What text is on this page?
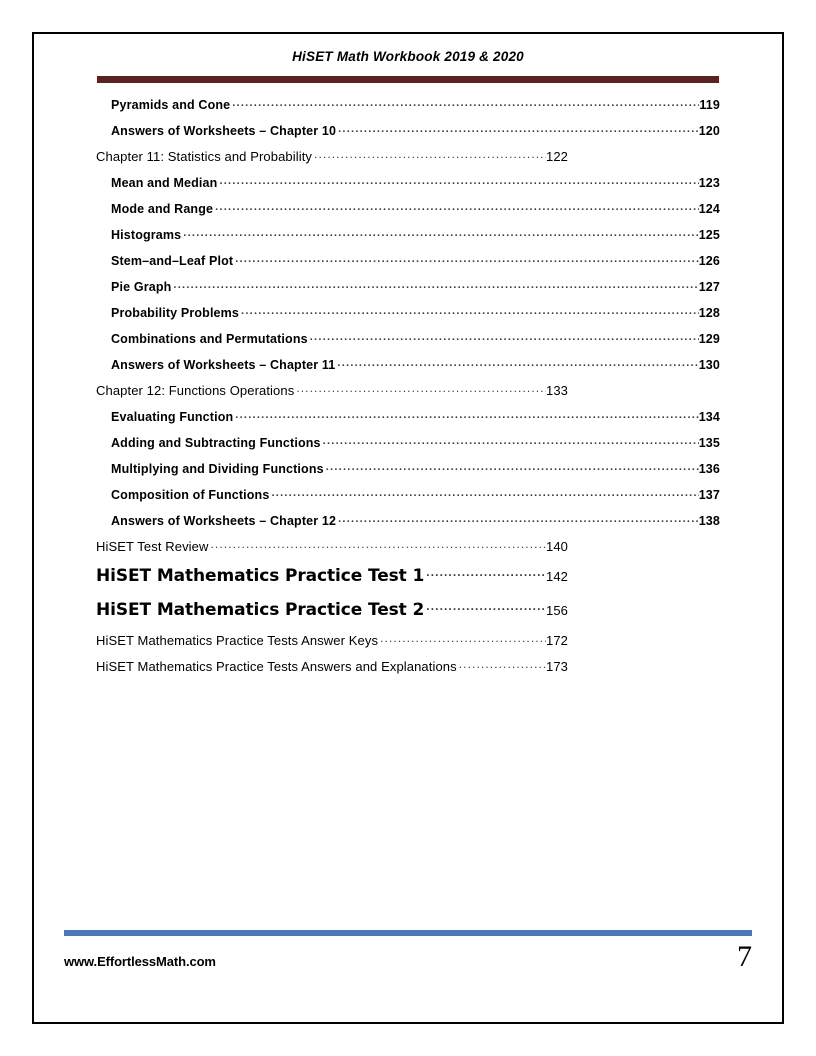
HiSET Math Workbook 2019 & 2020
Pyramids and Cone .....	119
Answers of Worksheets – Chapter 10 .....	120
Chapter 11: Statistics and Probability .....	122
Mean and Median .....	123
Mode and Range .....	124
Histograms .....	125
Stem–and–Leaf Plot .....	126
Pie Graph .....	127
Probability Problems .....	128
Combinations and Permutations .....	129
Answers of Worksheets – Chapter 11 .....	130
Chapter 12: Functions Operations .....	133
Evaluating Function .....	134
Adding and Subtracting Functions .....	135
Multiplying and Dividing Functions .....	136
Composition of Functions .....	137
Answers of Worksheets – Chapter 12 .....	138
HiSET Test Review .....	140
HiSET Mathematics Practice Test 1 .....	142
HiSET Mathematics Practice Test 2 .....	156
HiSET Mathematics Practice Tests Answer Keys .....	172
HiSET Mathematics Practice Tests Answers and Explanations .....	173
www.EffortlessMath.com	7
